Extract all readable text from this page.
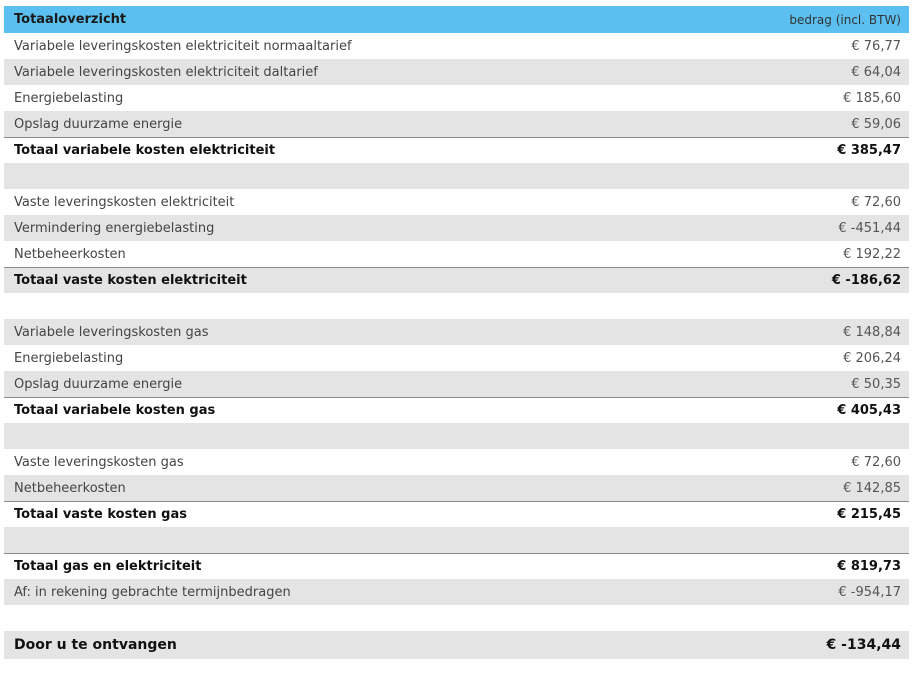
Totaaloverzicht	bedrag (incl. BTW)
Variabele leveringskosten elektriciteit normaaltarief	€ 76,77
Variabele leveringskosten elektriciteit daltarief	€ 64,04
Energiebelasting	€ 185,60
Opslag duurzame energie	€ 59,06
Totaal variabele kosten elektriciteit	€ 385,47
Vaste leveringskosten elektriciteit	€ 72,60
Vermindering energiebelasting	€ -451,44
Netbeheerkosten	€ 192,22
Totaal vaste kosten elektriciteit	€ -186,62
Variabele leveringskosten gas	€ 148,84
Energiebelasting	€ 206,24
Opslag duurzame energie	€ 50,35
Totaal variabele kosten gas	€ 405,43
Vaste leveringskosten gas	€ 72,60
Netbeheerkosten	€ 142,85
Totaal vaste kosten gas	€ 215,45
Totaal gas en elektriciteit	€ 819,73
Af: in rekening gebrachte termijnbedragen	€ -954,17
Door u te ontvangen	€ -134,44
